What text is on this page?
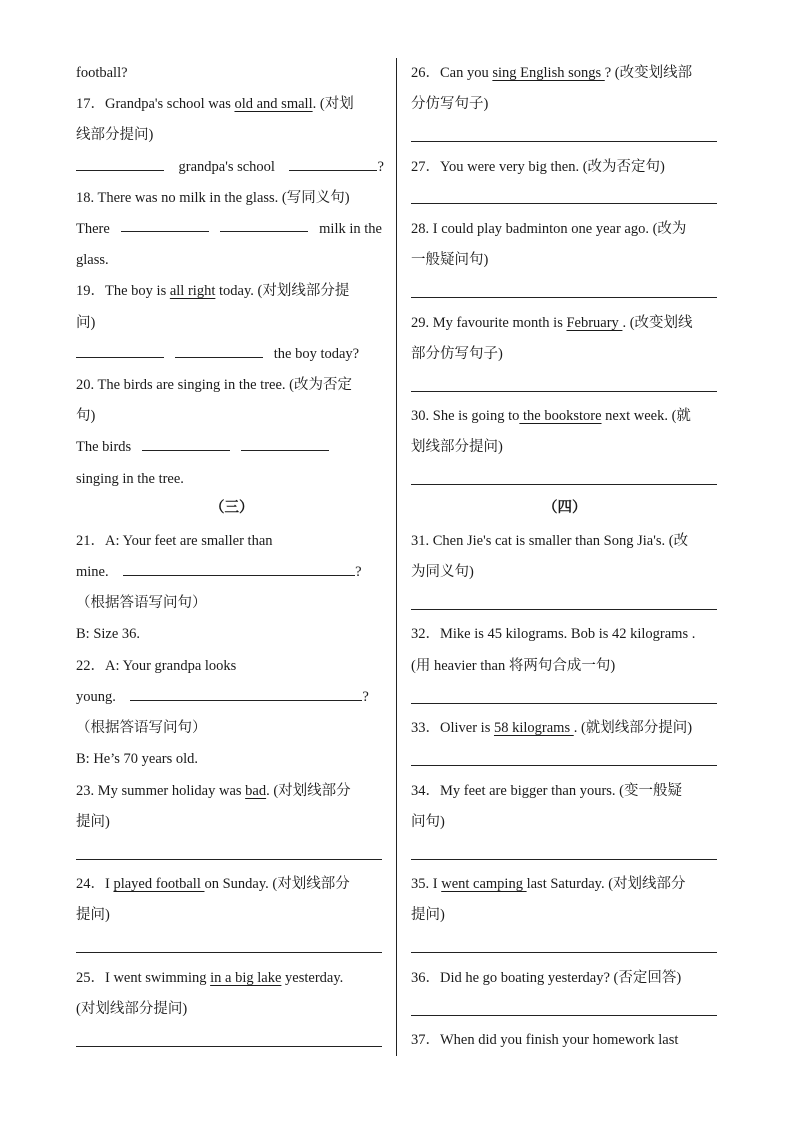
football?
17．Grandpa's school was old and small. (对划
线部分提问)
grandpa's school	?
18. There was no milk in the glass. (写同义句)
There	milk in the
glass.
19．The boy is all right today. (对划线部分提
问)
the boy today?
20. The birds are singing in the tree. (改为否定
句)
The birds
singing in the tree.
（三）
21．A: Your feet are smaller than
mine.	?
（根据答语写问句）
B: Size 36.
22．A: Your grandpa looks
young.	?
（根据答语写问句）
B: He’s 70 years old.
23. My summer holiday was bad. (对划线部分
提问)
24．I played football on Sunday. (对划线部分
提问)
25．I went swimming in a big lake yesterday.
(对划线部分提问)
26．Can you sing English songs ? (改变划线部
分仿写句子)
27．You were very big then. (改为否定句)
28. I could play badminton one year ago. (改为
一般疑问句)
29. My favourite month is February . (改变划线
部分仿写句子)
30. She is going to the bookstore next week. (就
划线部分提问)
（四）
31. Chen Jie's cat is smaller than Song Jia's. (改
为同义句)
32．Mike is 45 kilograms. Bob is 42 kilograms .
(用 heavier than 将两句合成一句)
33．Oliver is 58 kilograms . (就划线部分提问)
34．My feet are bigger than yours. (变一般疑
问句)
35. I went camping last Saturday. (对划线部分
提问)
36．Did he go boating yesterday? (否定回答)
37．When did you finish your homework last
